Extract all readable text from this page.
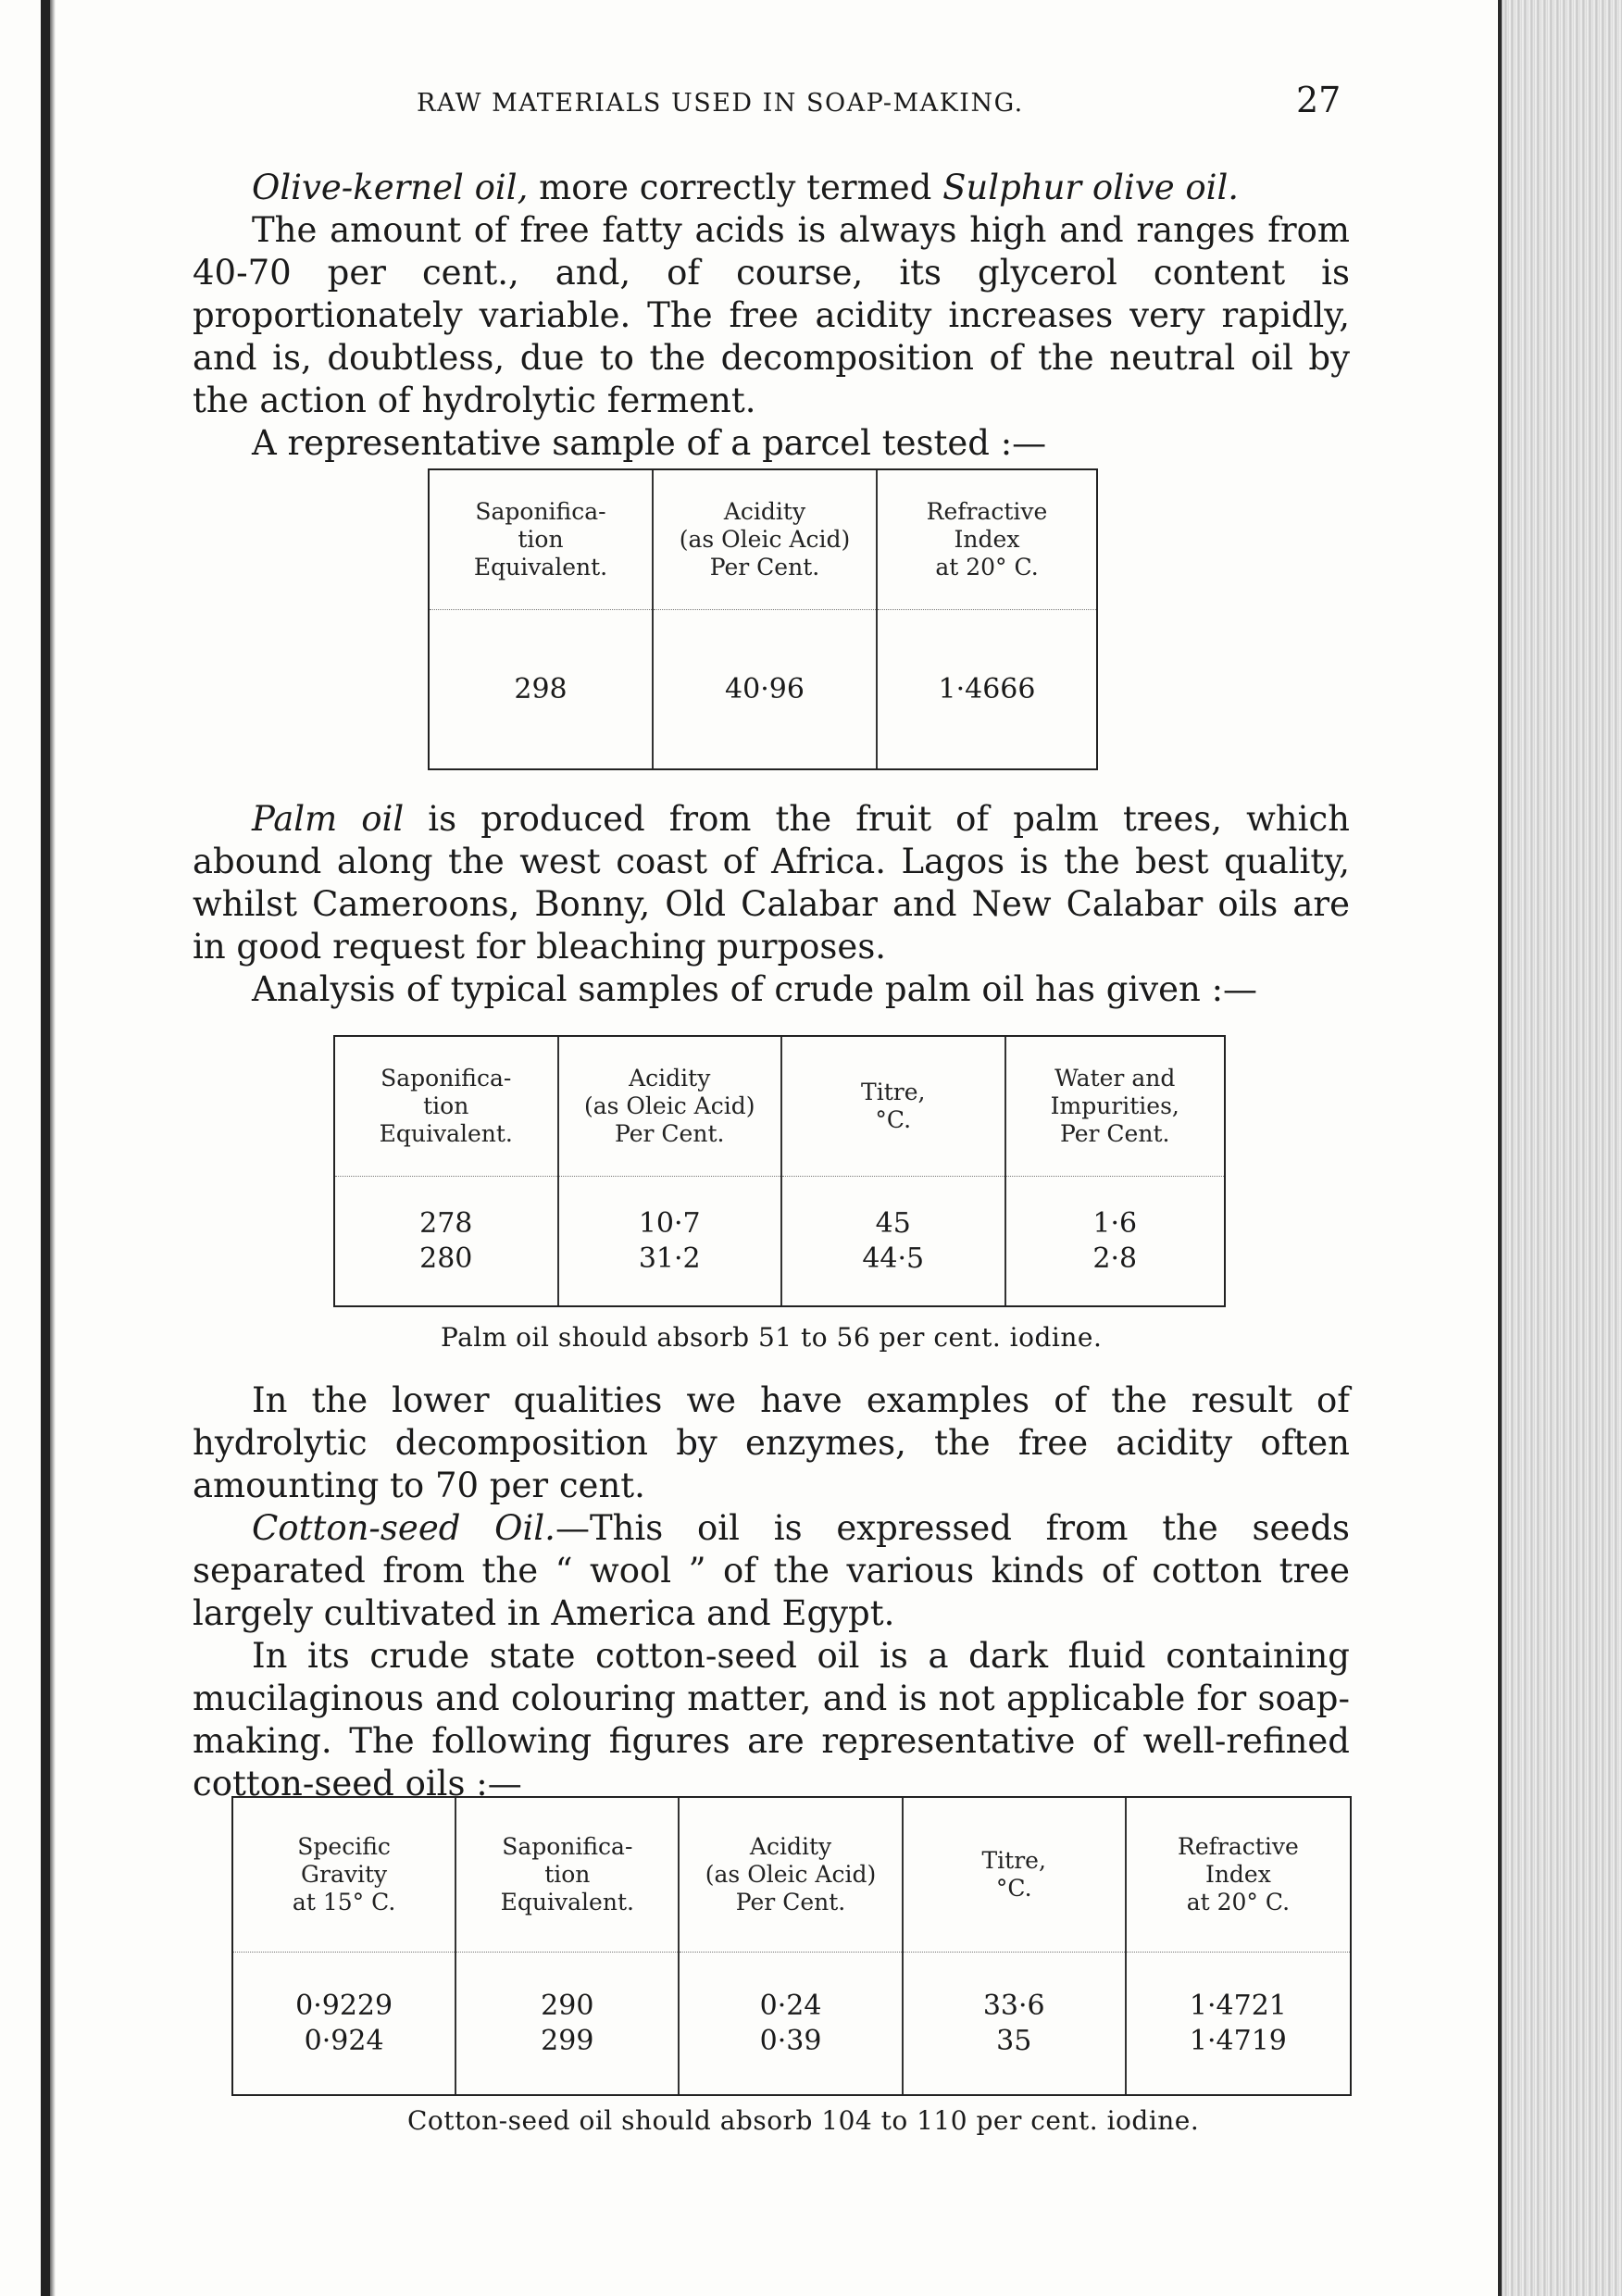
RAW MATERIALS USED IN SOAP-MAKING.	27

Olive-kernel oil, more correctly termed Sulphur olive oil.

The amount of free fatty acids is always high and ranges from 40-70 per cent., and, of course, its glycerol content is proportionately variable. The free acidity increases very rapidly, and is, doubtless, due to the decomposition of the neutral oil by the action of hydrolytic ferment.

A representative sample of a parcel tested :—

Saponifica-
tion
Equivalent.
298
Acidity
(as Oleic Acid)
Per Cent.
40·96
Refractive
Index
at 20° C.
1·4666

Palm oil is produced from the fruit of palm trees, which abound along the west coast of Africa. Lagos is the best quality, whilst Cameroons, Bonny, Old Calabar and New Calabar oils are in good request for bleaching purposes.

Analysis of typical samples of crude palm oil has given :—

Saponifica-
tion
Equivalent.
278
280
Acidity
(as Oleic Acid)
Per Cent.
10·7
31·2
Titre,
°C.
45
44·5
Water and
Impurities,
Per Cent.
1·6
2·8
Palm oil should absorb 51 to 56 per cent. iodine.

In the lower qualities we have examples of the result of hydrolytic decomposition by enzymes, the free acidity often amounting to 70 per cent.

Cotton-seed Oil.—This oil is expressed from the seeds separated from the “ wool ” of the various kinds of cotton tree largely cultivated in America and Egypt.

In its crude state cotton-seed oil is a dark fluid containing mucilaginous and colouring matter, and is not applicable for soap-making. The following figures are representative of well-refined cotton-seed oils :—

Specific
Gravity
at 15° C.
0·9229
0·924
Saponifica-
tion
Equivalent.
290
299
Acidity
(as Oleic Acid)
Per Cent.
0·24
0·39
Titre,
°C.
33·6
35
Refractive
Index
at 20° C.
1·4721
1·4719
Cotton-seed oil should absorb 104 to 110 per cent. iodine.
